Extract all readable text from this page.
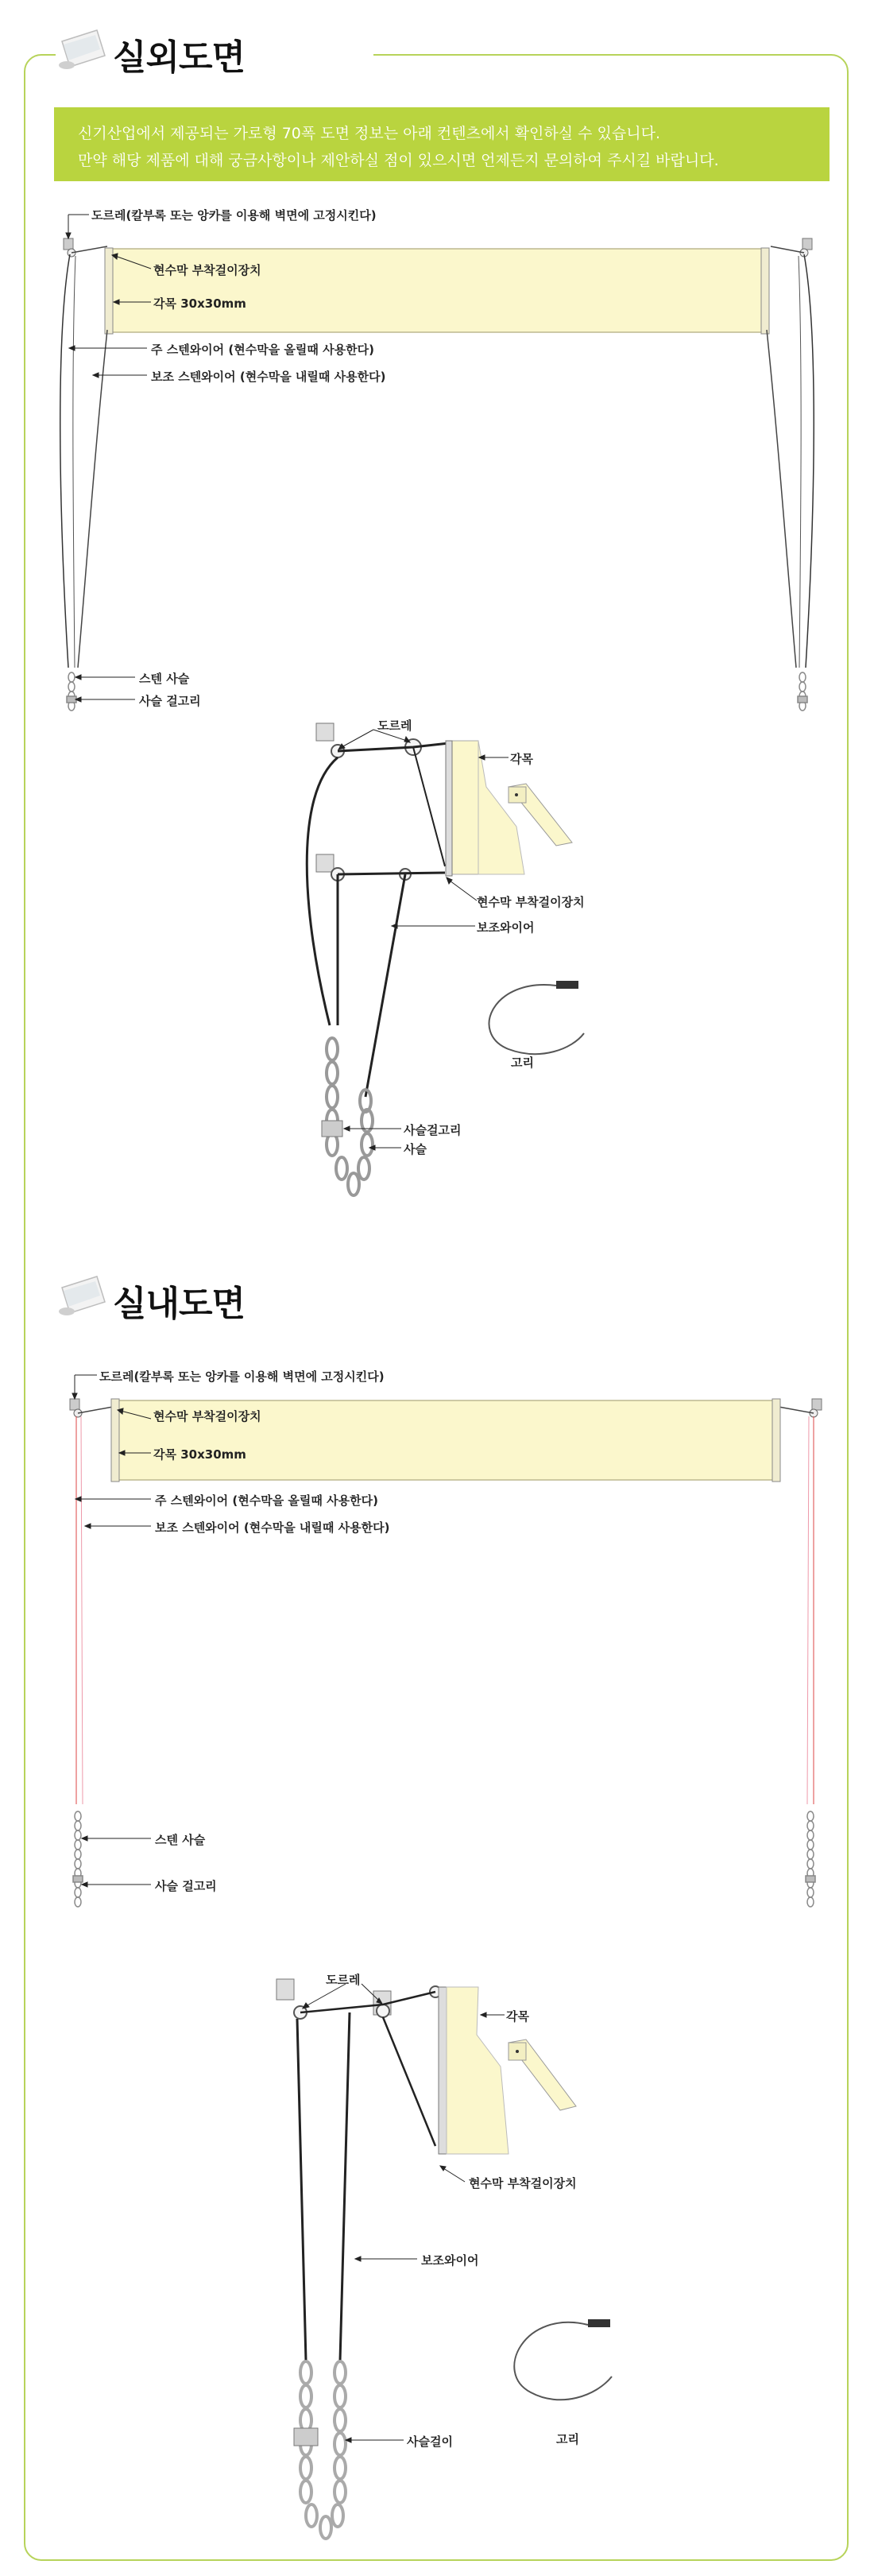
실외도면

신기산업에서 제공되는 가로형 70폭 도면 정보는 아래 컨텐츠에서 확인하실 수 있습니다.

만약 해당 제품에 대해 궁금사항이나 제안하실 점이 있으시면 언제든지 문의하여 주시길 바랍니다.

도르레(칼부록 또는 앙카를 이용해 벽면에 고정시킨다)
현수막 부착걸이장치
각목 30x30mm
주 스텐와이어 (현수막을 올릴때 사용한다)
보조 스텐와이어 (현수막을 내릴때 사용한다)
스텐 사슬
사슬 걸고리
도르레
각목
현수막 부착걸이장치
보조와이어
고리
사슬걸고리
사슬
실내도면
도르레(칼부록 또는 앙카를 이용해 벽면에 고정시킨다)
현수막 부착걸이장치
각목 30x30mm
주 스텐와이어 (현수막을 올릴때 사용한다)
보조 스텐와이어 (현수막을 내릴때 사용한다)
스텐 사슬
사슬 걸고리
도르레
각목
현수막 부착걸이장치
보조와이어
사슬걸이	고리
